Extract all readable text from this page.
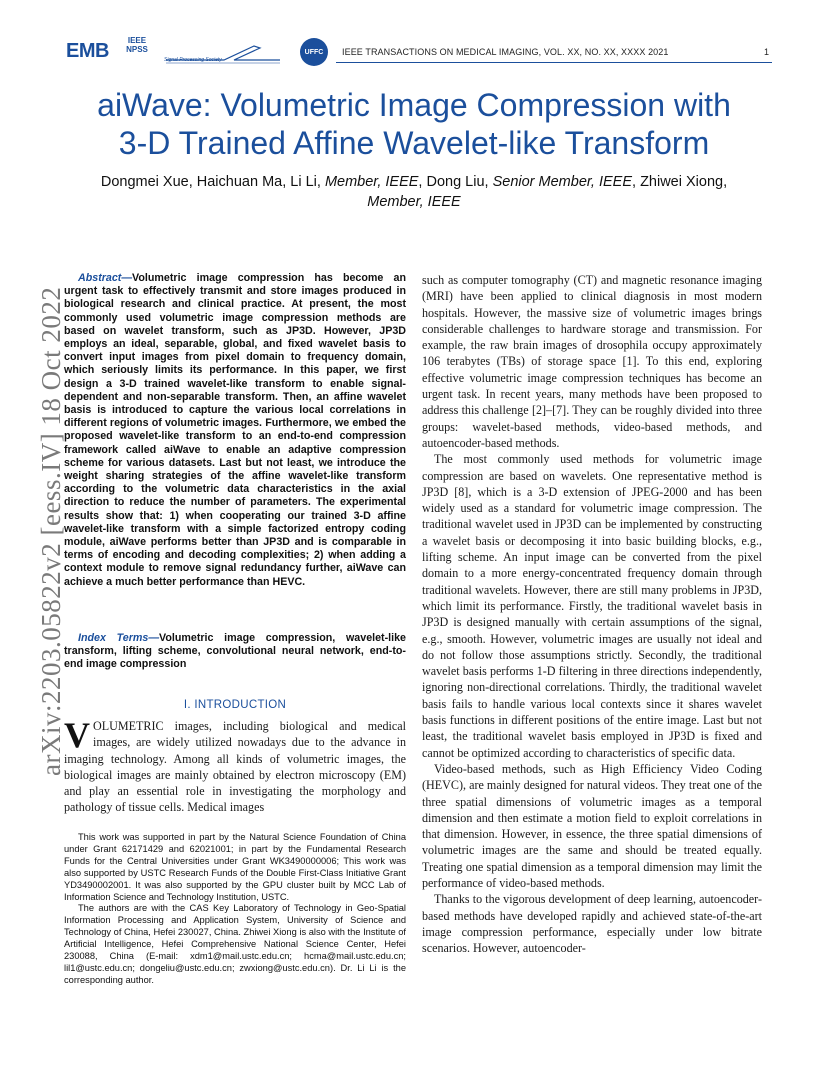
EMB	IEEE
NPSS
Signal Processing Society
UFFC	IEEE TRANSACTIONS ON MEDICAL IMAGING, VOL. XX, NO. XX, XXXX 2021	1
aiWave: Volumetric Image Compression with
3-D Trained Affine Wavelet-like Transform
Dongmei Xue, Haichuan Ma, Li Li, Member, IEEE, Dong Liu, Senior Member, IEEE, Zhiwei Xiong,
Member, IEEE
arXiv:2203.05822v2 [eess.IV] 18 Oct 2022

Abstract—Volumetric image compression has become an urgent task to effectively transmit and store images produced in biological research and clinical practice. At present, the most commonly used volumetric image compression methods are based on wavelet transform, such as JP3D. However, JP3D employs an ideal, separable, global, and fixed wavelet basis to convert input images from pixel domain to frequency domain, which seriously limits its performance. In this paper, we first design a 3-D trained wavelet-like transform to enable signal-dependent and non-separable transform. Then, an affine wavelet basis is introduced to capture the various local correlations in different regions of volumetric images. Furthermore, we embed the proposed wavelet-like transform to an end-to-end compression framework called aiWave to enable an adaptive compression scheme for various datasets. Last but not least, we introduce the weight sharing strategies of the affine wavelet-like transform according to the volumetric data characteristics in the axial direction to reduce the number of parameters. The experimental results show that: 1) when cooperating our trained 3-D affine wavelet-like transform with a simple factorized entropy coding module, aiWave performs better than JP3D and is comparable in terms of encoding and decoding complexities; 2) when adding a context module to remove signal redundancy further, aiWave can achieve a much better performance than HEVC.

Index Terms—Volumetric image compression, wavelet-like transform, lifting scheme, convolutional neural network, end-to-end image compression

I. INTRODUCTION

VOLUMETRIC images, including biological and medical images, are widely utilized nowadays due to the advance in imaging technology. Among all kinds of volumetric images, the biological images are mainly obtained by electron microscopy (EM) and play an essential role in investigating the morphology and pathology of tissue cells. Medical images

This work was supported in part by the Natural Science Foundation of China under Grant 62171429 and 62021001; in part by the Fundamental Research Funds for the Central Universities under Grant WK3490000006; This work was also supported by USTC Research Funds of the Double First-Class Initiative Grant YD3490002001. It was also supported by the GPU cluster built by MCC Lab of Information Science and Technology Institution, USTC.

The authors are with the CAS Key Laboratory of Technology in Geo-Spatial Information Processing and Application System, University of Science and Technology of China, Hefei 230027, China. Zhiwei Xiong is also with the Institute of Artificial Intelligence, Hefei Comprehensive National Science Center, Hefei 230088, China (E-mail: xdm1@mail.ustc.edu.cn; hcma@mail.ustc.edu.cn; lil1@ustc.edu.cn; dongeliu@ustc.edu.cn; zwxiong@ustc.edu.cn). Dr. Li Li is the corresponding author.

such as computer tomography (CT) and magnetic resonance imaging (MRI) have been applied to clinical diagnosis in most modern hospitals. However, the massive size of volumetric images brings considerable challenges to hardware storage and transmission. For example, the raw brain images of drosophila occupy approximately 106 terabytes (TBs) of storage space [1]. To this end, exploring effective volumetric image compression techniques has become an urgent task. In recent years, many methods have been proposed to address this challenge [2]–[7]. They can be roughly divided into three groups: wavelet-based methods, video-based methods, and autoencoder-based methods.

The most commonly used methods for volumetric image compression are based on wavelets. One representative method is JP3D [8], which is a 3-D extension of JPEG-2000 and has been widely used as a standard for volumetric image compression. The traditional wavelet used in JP3D can be implemented by constructing a wavelet basis or decomposing it into basic building blocks, e.g., lifting scheme. An input image can be converted from the pixel domain to a more energy-concentrated frequency domain through traditional wavelets. However, there are still many problems in JP3D, which limit its performance. Firstly, the traditional wavelet basis in JP3D is designed manually with certain assumptions of the signal, e.g., smooth. However, volumetric images are usually not ideal and do not follow those assumptions strictly. Secondly, the traditional wavelet basis performs 1-D filtering in three directions independently, ignoring non-directional correlations. Thirdly, the traditional wavelet basis fails to handle various local contexts since it shares wavelet basis functions in different positions of the entire image. Last but not least, the traditional wavelet basis employed in JP3D is fixed and cannot be optimized according to characteristics of specific data.

Video-based methods, such as High Efficiency Video Coding (HEVC), are mainly designed for natural videos. They treat one of the three spatial dimensions of volumetric images as a temporal dimension and then estimate a motion field to exploit correlations in that dimension. However, in essence, the three spatial dimensions of volumetric images are the same and should be treated equally. Treating one spatial dimension as a temporal dimension may limit the performance of video-based methods.

Thanks to the vigorous development of deep learning, autoencoder-based methods have developed rapidly and achieved state-of-the-art image compression performance, especially under low bitrate scenarios. However, autoencoder-
